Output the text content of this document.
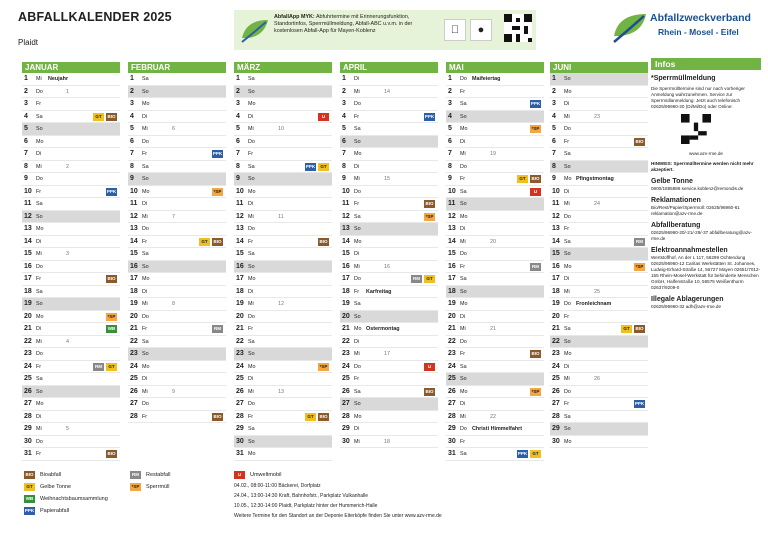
ABFALLKALENDER 2025
Plaidt
AbfallApp MYK: Abfuhrtermine mit Erinnerungsfunktion, Standortinfos, Sperrmüllmeldung, Abfall-ABC u.v.m. in der kostenlosen Abfall-App für Mayen-Koblenz	●
Abfallzweckverband
Rhein - Mosel - Eifel
JANUAR
1 Mi Neujahr
2 Do	1
3 Fr
4 Sa	GT	BIO
5 So
6 Mo
7 Di
8 Mi	2
9 Do
10 Fr	PPK
11 Sa
12 So
13 Mo
14 Di
15 Mi	3
16 Do
17 Fr	BIO
18 Sa
19 So
20 Mo	*SP
21 Di	WB
22 Mi	4
23 Do
24 Fr	RM	GT
25 Sa
26 So
27 Mo
28 Di
29 Mi	5
30 Do
31 Fr	BIO
FEBRUAR
1 Sa
2 So
3 Mo
4 Di
5 Mi	6
6 Do
7 Fr	PPK
8 Sa
9 So
10 Mo	*SP
11 Di
12 Mi	7
13 Do
14 Fr	GT	BIO
15 Sa
16 So
17 Mo
18 Di
19 Mi	8
20 Do
21 Fr	RM
22 Sa
23 So
24 Mo
25 Di
26 Mi	9
27 Do
28 Fr	BIO
MÄRZ
1 Sa
2 So
3 Mo
4 Di	U
5 Mi	10
6 Do
7 Fr
8 Sa	PPK	GT
9 So
10 Mo
11 Di
12 Mi	11
13 Do
14 Fr	BIO
15 Sa
16 So
17 Mo
18 Di
19 Mi	12
20 Do
21 Fr
22 Sa
23 So
24 Mo	*SP
25 Di
26 Mi	13
27 Do
28 Fr	GT	BIO
29 Sa
30 So
31 Mo
APRIL
1 Di
2 Mi	14
3 Do
4 Fr	PPK
5 Sa
6 So
7 Mo
8 Di
9 Mi	15
10 Do
11 Fr	BIO
12 Sa	*SP
13 So
14 Mo
15 Di
16 Mi	16
17 Do	RM	GT
18 Fr Karfreitag
19 Sa
20 So
21 Mo Ostermontag
22 Di
23 Mi	17
24 Do	U
25 Fr
26 Sa	BIO
27 So
28 Mo
29 Di
30 Mi	18
MAI
1 Do Maifeiertag
2 Fr
3 Sa	PPK
4 So
5 Mo	*SP
6 Di
7 Mi	19
8 Do
9 Fr	GT	BIO
10 Sa	U
11 So
12 Mo
13 Di
14 Mi	20
15 Do
16 Fr	RM
17 Sa
18 So
19 Mo
20 Di
21 Mi	21
22 Do
23 Fr	BIO
24 Sa
25 So
26 Mo	*SP
27 Di
28 Mi	22
29 Do Christi Himmelfahrt
30 Fr
31 Sa	PPK	GT
JUNI
1 So
2 Mo
3 Di
4 Mi	23
5 Do
6 Fr	BIO
7 Sa
8 So
9 Mo Pfingstmontag
10 Di
11 Mi	24
12 Do
13 Fr
14 Sa	RM
15 So
16 Mo	*SP
17 Di
18 Mi	25
19 Do Fronleichnam
20 Fr
21 Sa	GT	BIO
22 So
23 Mo
24 Di
25 Mi	26
26 Do
27 Fr	PPK
28 Sa
29 So
30 Mo
Infos
*Sperrmüllmeldung
Die Sperrmülltermine sind nur nach vorheriger Anmeldung wahrzunehmen. Service zur Sperrmüllanmeldung: Jetzt auch telefonisch 02625/96960-20 (Di/Mi/Do) oder Online:
www.azv-rme.de
HINWEIS: Sperrmülltermine werden nicht mehr akzeptiert.
Gelbe Tonne
0800/1885886 service.koblenz@remondis.de
Reklamationen
Bio/Rest/Papier/Sperrmüll: 02625/96960-61 reklamation@azv-rme.de
Abfallberatung
02625/96960-20/-21/-29/-37 abfallberatung@azv-rme.de
Elektroannahmestellen
Wertstoffhof, An der L 117, 56299 Ochtendung 02625/96960-12 Caritas Werkstätten St. Johannes, Ludwig-Erhard-Straße 14, 56727 Mayen 02651/7012-155 Rhein-Mosel-Werkstatt für behinderte Menschen GmbH, Halfenstraße 10, 56575 Weißenthurm 02637/9209-0
Illegale Ablagerungen
02625/96960-32 adh@azv-rme.de
BIO Bioabfall
GT	Gelbe Tonne
WB	Weihnachtsbaumsammlung
PPK Papierabfall
RM	Restabfall
*SP Sperrmüll
U	Umweltmobil
04.02., 08:00-11:00 Bäckerei, Dorfplatz
24.04., 13:00-14:30 Kraft, Bahnhofstr., Parkplatz Vulkanhalle
10.05., 12:30-14:00 Plaidt, Parkplatz hinter der Hummerich-Halle
Weitere Termine für den Standort an der Deponie Eiterköpfe finden Sie unter www.azv-rme.de
